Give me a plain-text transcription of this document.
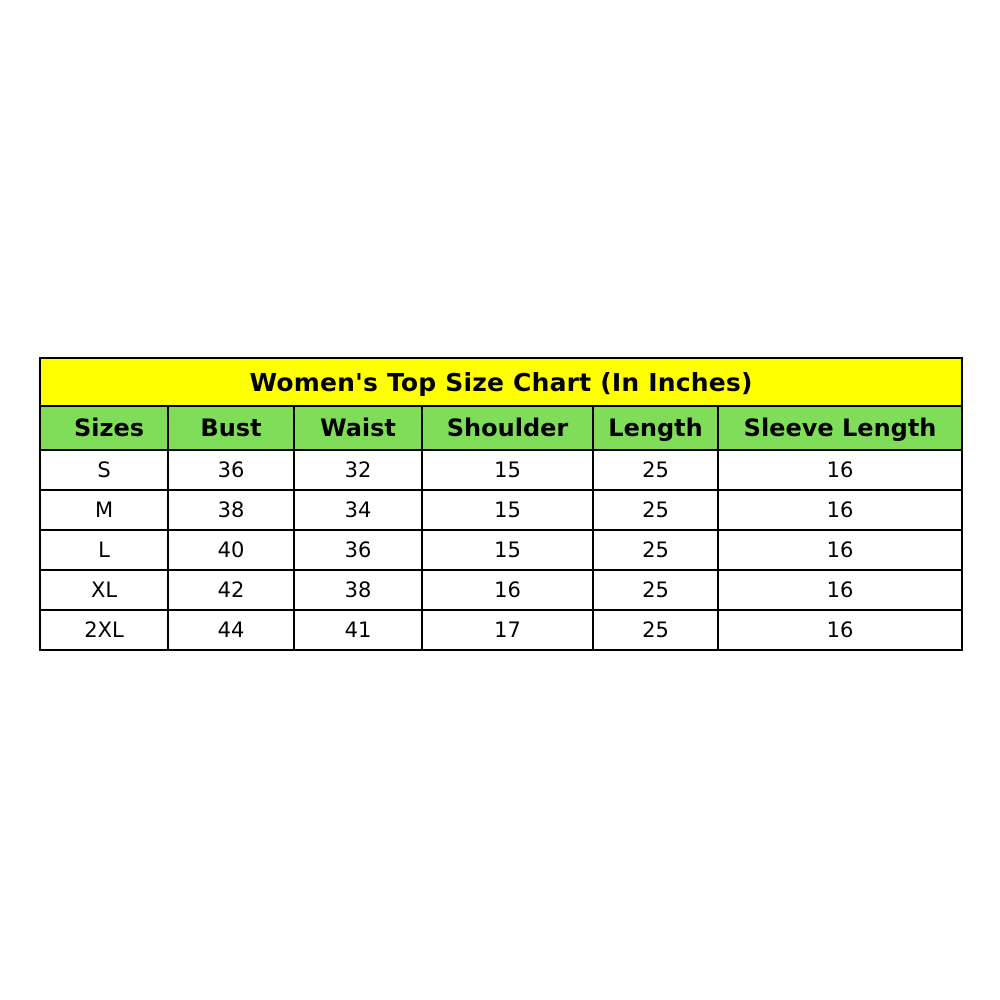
Women's Top Size Chart (In Inches)					
Sizes	Bust	Waist	Shoulder	Length	Sleeve Length
S	36	32	15	25	16
M	38	34	15	25	16
L	40	36	15	25	16
XL	42	38	16	25	16
2XL	44	41	17	25	16
